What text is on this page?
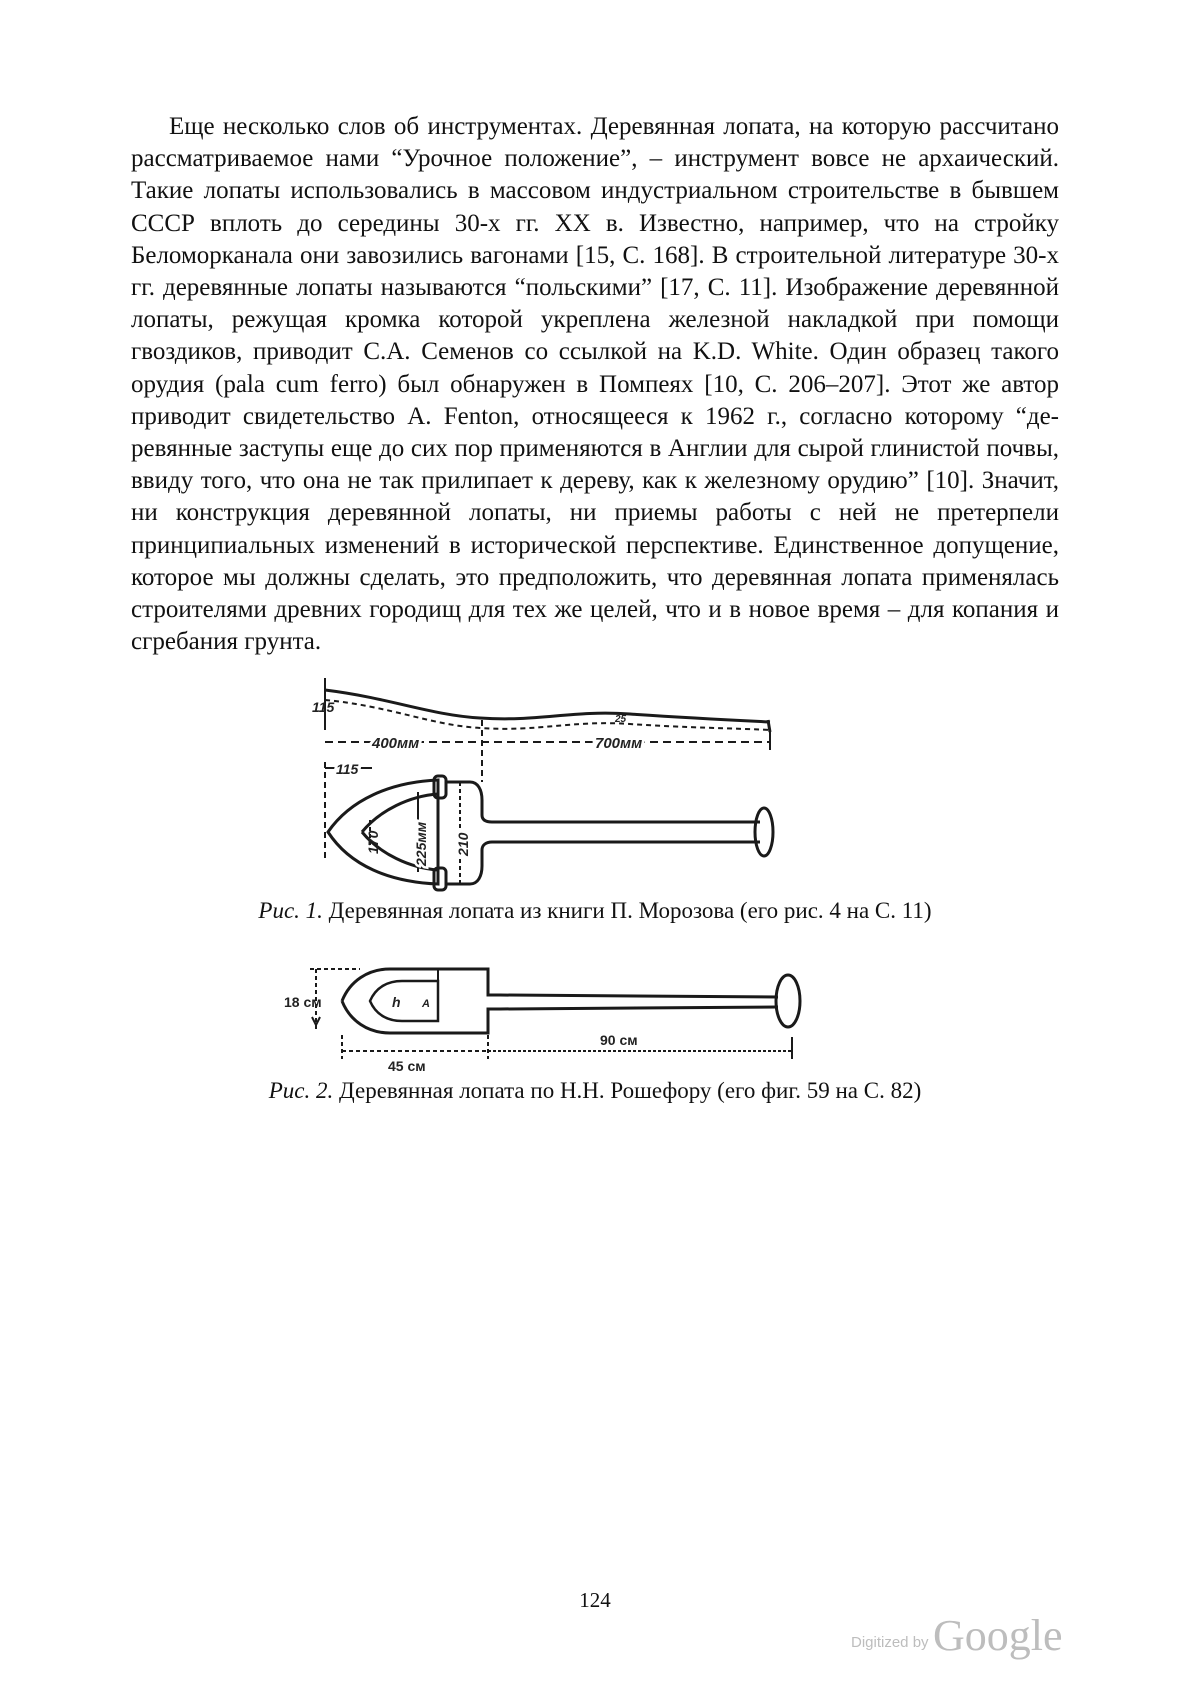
Еще несколько слов об инструментах. Деревянная лопата, на которую рассчитано рассматриваемое нами “Урочное положение”, – инструмент вовсе не архаический. Такие лопаты использовались в массовом индустриальном строительстве в бывшем СССР вплоть до середины 30-х гг. XX в. Известно, например, что на стройку Беломорканала они завозились вагонами [15, С. 168]. В строительной литературе 30-х гг. деревянные лопаты называются “польскими” [17, С. 11]. Изображение деревянной лопаты, режущая кромка которой укреплена железной накладкой при помощи гвоздиков, приводит С.А. Семенов со ссылкой на K.D. White. Один образец такого орудия (pala cum ferro) был обнаружен в Помпеях [10, С. 206–207]. Этот же автор приводит свидетельство A. Fenton, относящееся к 1962 г., согласно которому “деревянные заступы еще до сих пор применяются в Англии для сырой глинистой почвы, ввиду того, что она не так прилипает к дереву, как к железному орудию” [10]. Значит, ни конструкция деревянной лопаты, ни приемы работы с ней не претерпели принципиальных изменений в исторической перспективе. Единственное допущение, которое мы должны сделать, это предположить, что деревянная лопата применялась строителями древних городищ для тех же целей, что и в новое время – для копания и сгребания грунта.

115
400мм	700мм
25
115
170 225мм 210
Рис. 1. Деревянная лопата из книги П. Морозова (его рис. 4 на С. 11)
18 см	h A
90 см
45 см
Рис. 2. Деревянная лопата по Н.Н. Рошефору (его фиг. 59 на С. 82)
124
Digitized by Google
